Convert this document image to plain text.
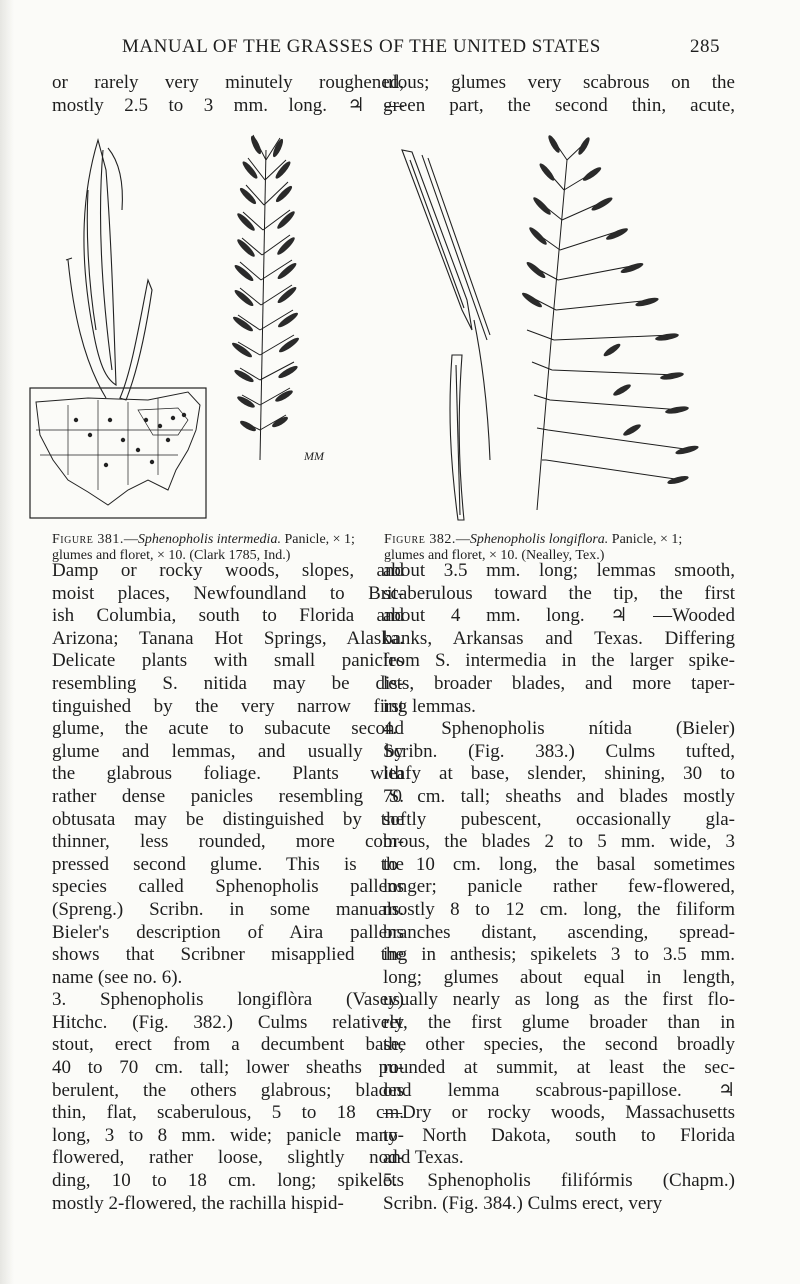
MANUAL OF THE GRASSES OF THE UNITED STATES	285
or rarely very minutely roughened,
mostly 2.5 to 3 mm. long. ♃ —
ulous; glumes very scabrous on the
green part, the second thin, acute,
MM
Figure 381.—Sphenopholis intermedia. Panicle, × 1;
glumes and floret, × 10. (Clark 1785, Ind.)
Figure 382.—Sphenopholis longiflora. Panicle, × 1;
glumes and floret, × 10. (Nealley, Tex.)
Damp or rocky woods, slopes, and
moist places, Newfoundland to Brit-
ish Columbia, south to Florida and
Arizona; Tanana Hot Springs, Alaska.
Delicate plants with small panicles
resembling S. nitida may be dis-
tinguished by the very narrow first
glume, the acute to subacute second
glume and lemmas, and usually by
the glabrous foliage. Plants with
rather dense panicles resembling S.
obtusata may be distinguished by the
thinner, less rounded, more com-
pressed second glume. This is the
species called Sphenopholis pallens
(Spreng.) Scribn. in some manuals.
Bieler's description of Aira pallens
shows that Scribner misapplied the
name (see no. 6).
3. Sphenopholis longiflòra (Vasey)
Hitchc. (Fig. 382.) Culms relatively
stout, erect from a decumbent base,
40 to 70 cm. tall; lower sheaths pu-
berulent, the others glabrous; blades
thin, flat, scaberulous, 5 to 18 cm.
long, 3 to 8 mm. wide; panicle many-
flowered, rather loose, slightly nod-
ding, 10 to 18 cm. long; spikelets
mostly 2-flowered, the rachilla hispid-
about 3.5 mm. long; lemmas smooth,
scaberulous toward the tip, the first
about 4 mm. long. ♃ —Wooded
banks, Arkansas and Texas. Differing
from S. intermedia in the larger spike-
lets, broader blades, and more taper-
ing lemmas.
4. Sphenopholis nítida (Bieler)
Scribn. (Fig. 383.) Culms tufted,
leafy at base, slender, shining, 30 to
70 cm. tall; sheaths and blades mostly
softly pubescent, occasionally gla-
brous, the blades 2 to 5 mm. wide, 3
to 10 cm. long, the basal sometimes
longer; panicle rather few-flowered,
mostly 8 to 12 cm. long, the filiform
branches distant, ascending, spread-
ing in anthesis; spikelets 3 to 3.5 mm.
long; glumes about equal in length,
usually nearly as long as the first flo-
ret, the first glume broader than in
the other species, the second broadly
rounded at summit, at least the sec-
ond lemma scabrous-papillose. ♃
—Dry or rocky woods, Massachusetts
to North Dakota, south to Florida
and Texas.
5. Sphenopholis filifórmis (Chapm.)
Scribn. (Fig. 384.) Culms erect, very
